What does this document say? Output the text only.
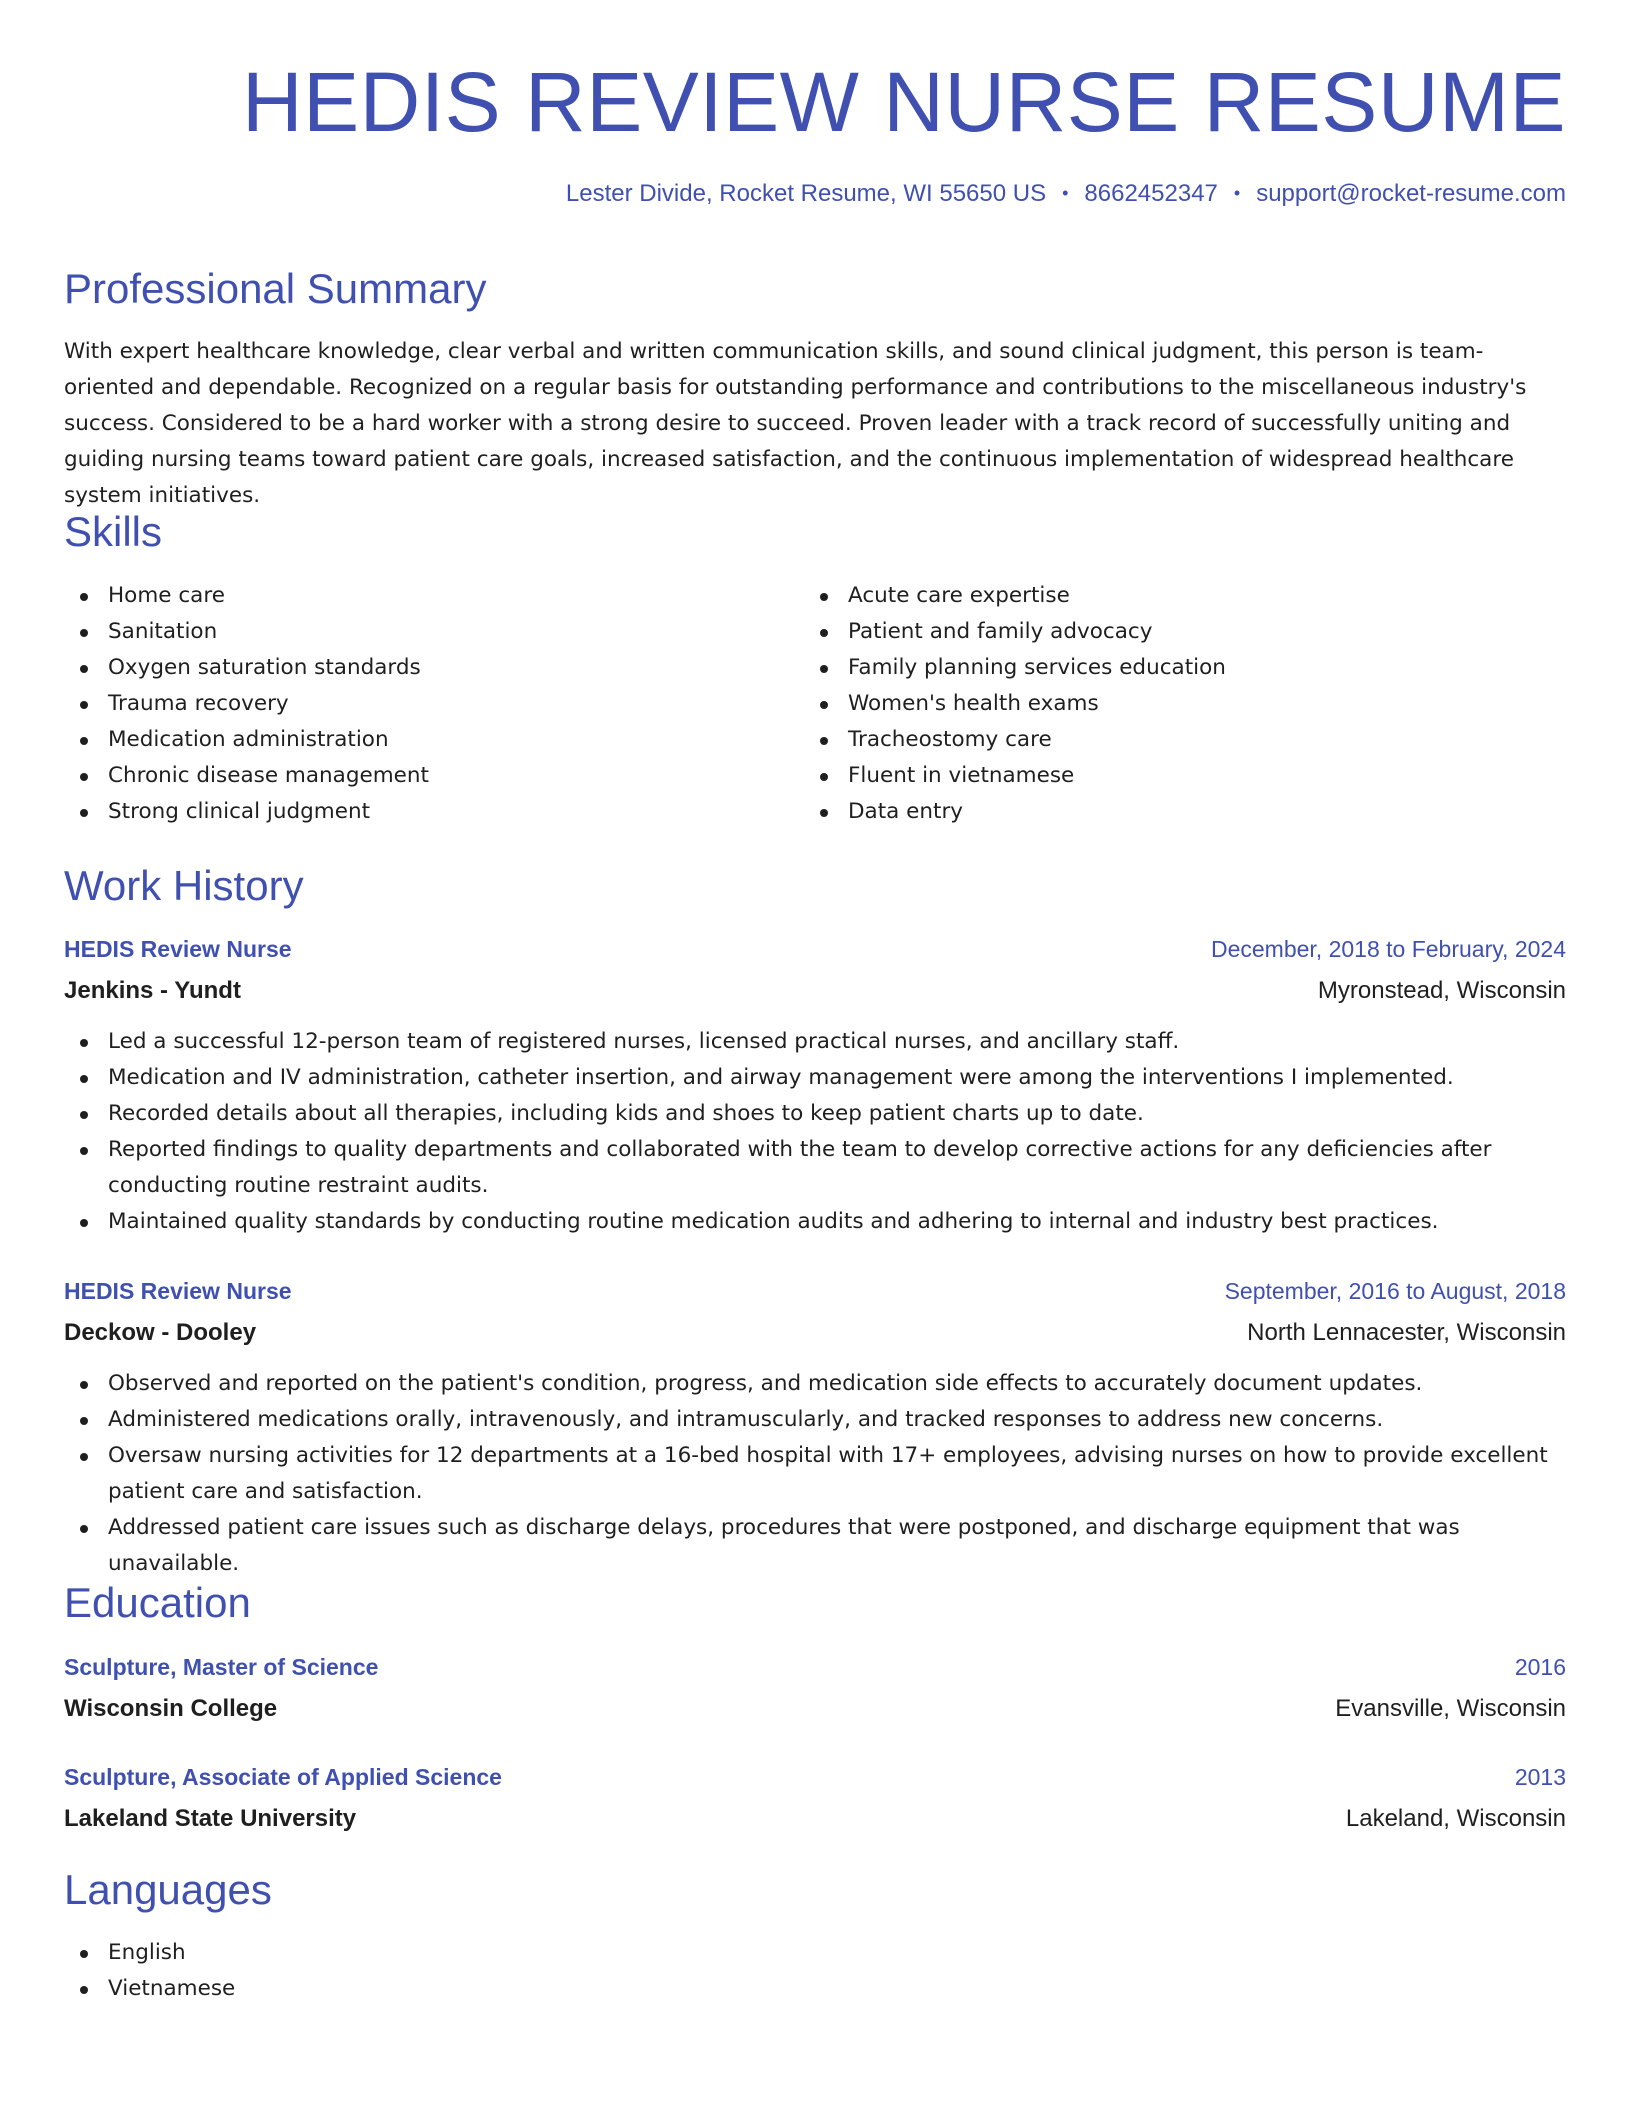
HEDIS REVIEW NURSE RESUME
Lester Divide, Rocket Resume, WI 55650 US • 8662452347 • support@rocket-resume.com
Professional Summary

With expert healthcare knowledge, clear verbal and written communication skills, and sound clinical judgment, this person is team-oriented and dependable. Recognized on a regular basis for outstanding performance and contributions to the miscellaneous industry's success. Considered to be a hard worker with a strong desire to succeed. Proven leader with a track record of successfully uniting and guiding nursing teams toward patient care goals, increased satisfaction, and the continuous implementation of widespread healthcare system initiatives.

Skills
Home care
Sanitation
Oxygen saturation standards
Trauma recovery
Medication administration
Chronic disease management
Strong clinical judgment
Acute care expertise
Patient and family advocacy
Family planning services education
Women's health exams
Tracheostomy care
Fluent in vietnamese
Data entry
Work History
HEDIS Review Nurse	December, 2018 to February, 2024
Jenkins - Yundt	Myronstead, Wisconsin
Led a successful 12-person team of registered nurses, licensed practical nurses, and ancillary staff.
Medication and IV administration, catheter insertion, and airway management were among the interventions I implemented.
Recorded details about all therapies, including kids and shoes to keep patient charts up to date.
Reported findings to quality departments and collaborated with the team to develop corrective actions for any deficiencies after conducting routine restraint audits.
Maintained quality standards by conducting routine medication audits and adhering to internal and industry best practices.
HEDIS Review Nurse	September, 2016 to August, 2018
Deckow - Dooley	North Lennacester, Wisconsin
Observed and reported on the patient's condition, progress, and medication side effects to accurately document updates.
Administered medications orally, intravenously, and intramuscularly, and tracked responses to address new concerns.
Oversaw nursing activities for 12 departments at a 16-bed hospital with 17+ employees, advising nurses on how to provide excellent patient care and satisfaction.
Addressed patient care issues such as discharge delays, procedures that were postponed, and discharge equipment that was unavailable.
Education
Sculpture, Master of Science	2016
Wisconsin College	Evansville, Wisconsin
Sculpture, Associate of Applied Science	2013
Lakeland State University	Lakeland, Wisconsin
Languages
English
Vietnamese
